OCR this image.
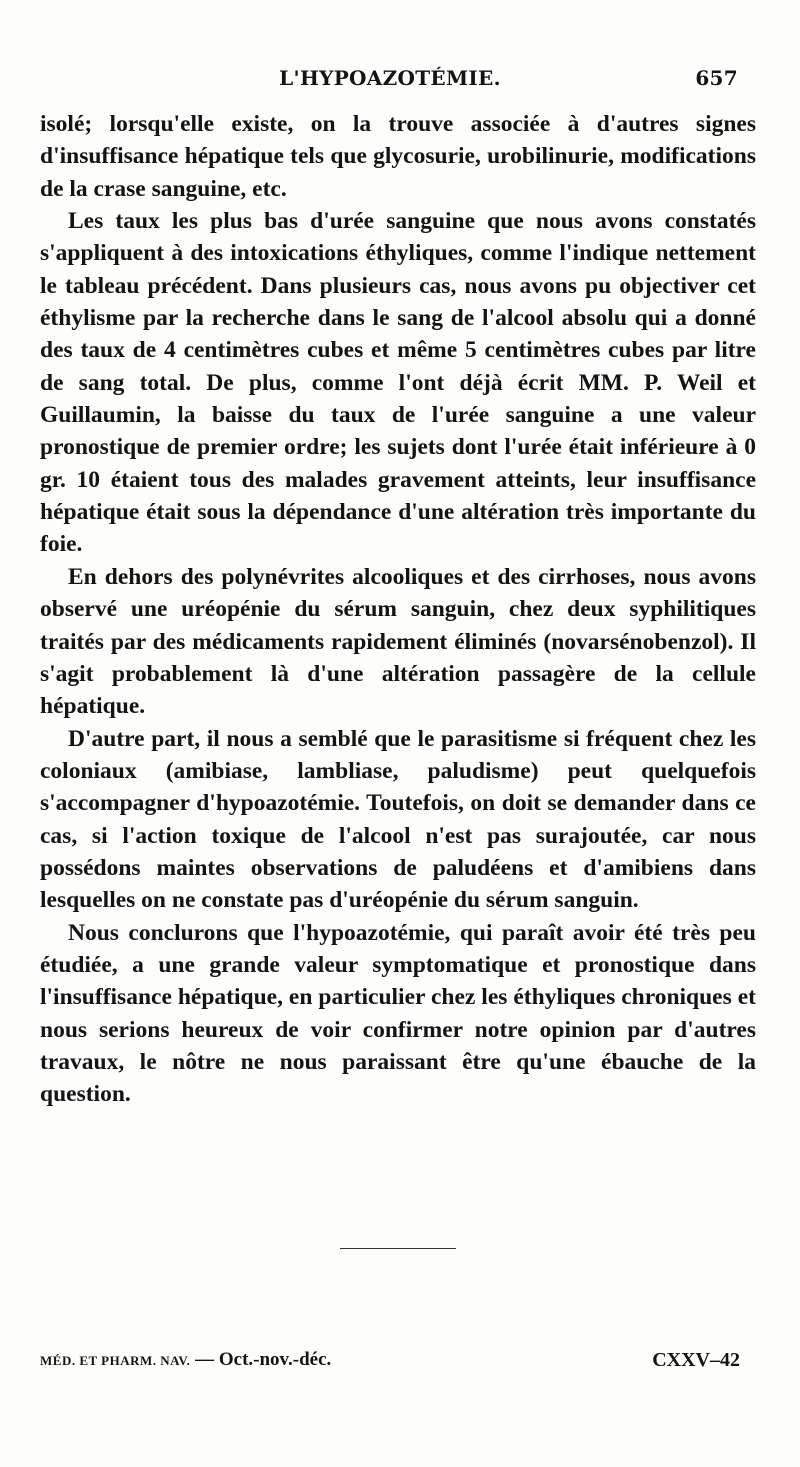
L'HYPOAZOTÉMIE.	657

isolé; lorsqu'elle existe, on la trouve associée à d'autres signes d'insuffisance hépatique tels que glycosurie, urobilinurie, modifications de la crase sanguine, etc.

Les taux les plus bas d'urée sanguine que nous avons constatés s'appliquent à des intoxications éthyliques, comme l'indique nettement le tableau précédent. Dans plusieurs cas, nous avons pu objectiver cet éthylisme par la recherche dans le sang de l'alcool absolu qui a donné des taux de 4 centimètres cubes et même 5 centimètres cubes par litre de sang total. De plus, comme l'ont déjà écrit MM. P. Weil et Guillaumin, la baisse du taux de l'urée sanguine a une valeur pronostique de premier ordre; les sujets dont l'urée était inférieure à 0 gr. 10 étaient tous des malades gravement atteints, leur insuffisance hépatique était sous la dépendance d'une altération très importante du foie.

En dehors des polynévrites alcooliques et des cirrhoses, nous avons observé une uréopénie du sérum sanguin, chez deux syphilitiques traités par des médicaments rapidement éliminés (novarsénobenzol). Il s'agit probablement là d'une altération passagère de la cellule hépatique.

D'autre part, il nous a semblé que le parasitisme si fréquent chez les coloniaux (amibiase, lambliase, paludisme) peut quelquefois s'accompagner d'hypoazotémie. Toutefois, on doit se demander dans ce cas, si l'action toxique de l'alcool n'est pas surajoutée, car nous possédons maintes observations de paludéens et d'amibiens dans lesquelles on ne constate pas d'uréopénie du sérum sanguin.

Nous conclurons que l'hypoazotémie, qui paraît avoir été très peu étudiée, a une grande valeur symptomatique et pronostique dans l'insuffisance hépatique, en particulier chez les éthyliques chroniques et nous serions heureux de voir confirmer notre opinion par d'autres travaux, le nôtre ne nous paraissant être qu'une ébauche de la question.

MÉD. ET PHARM. NAV. — Oct.-nov.-déc.	CXXV–42
